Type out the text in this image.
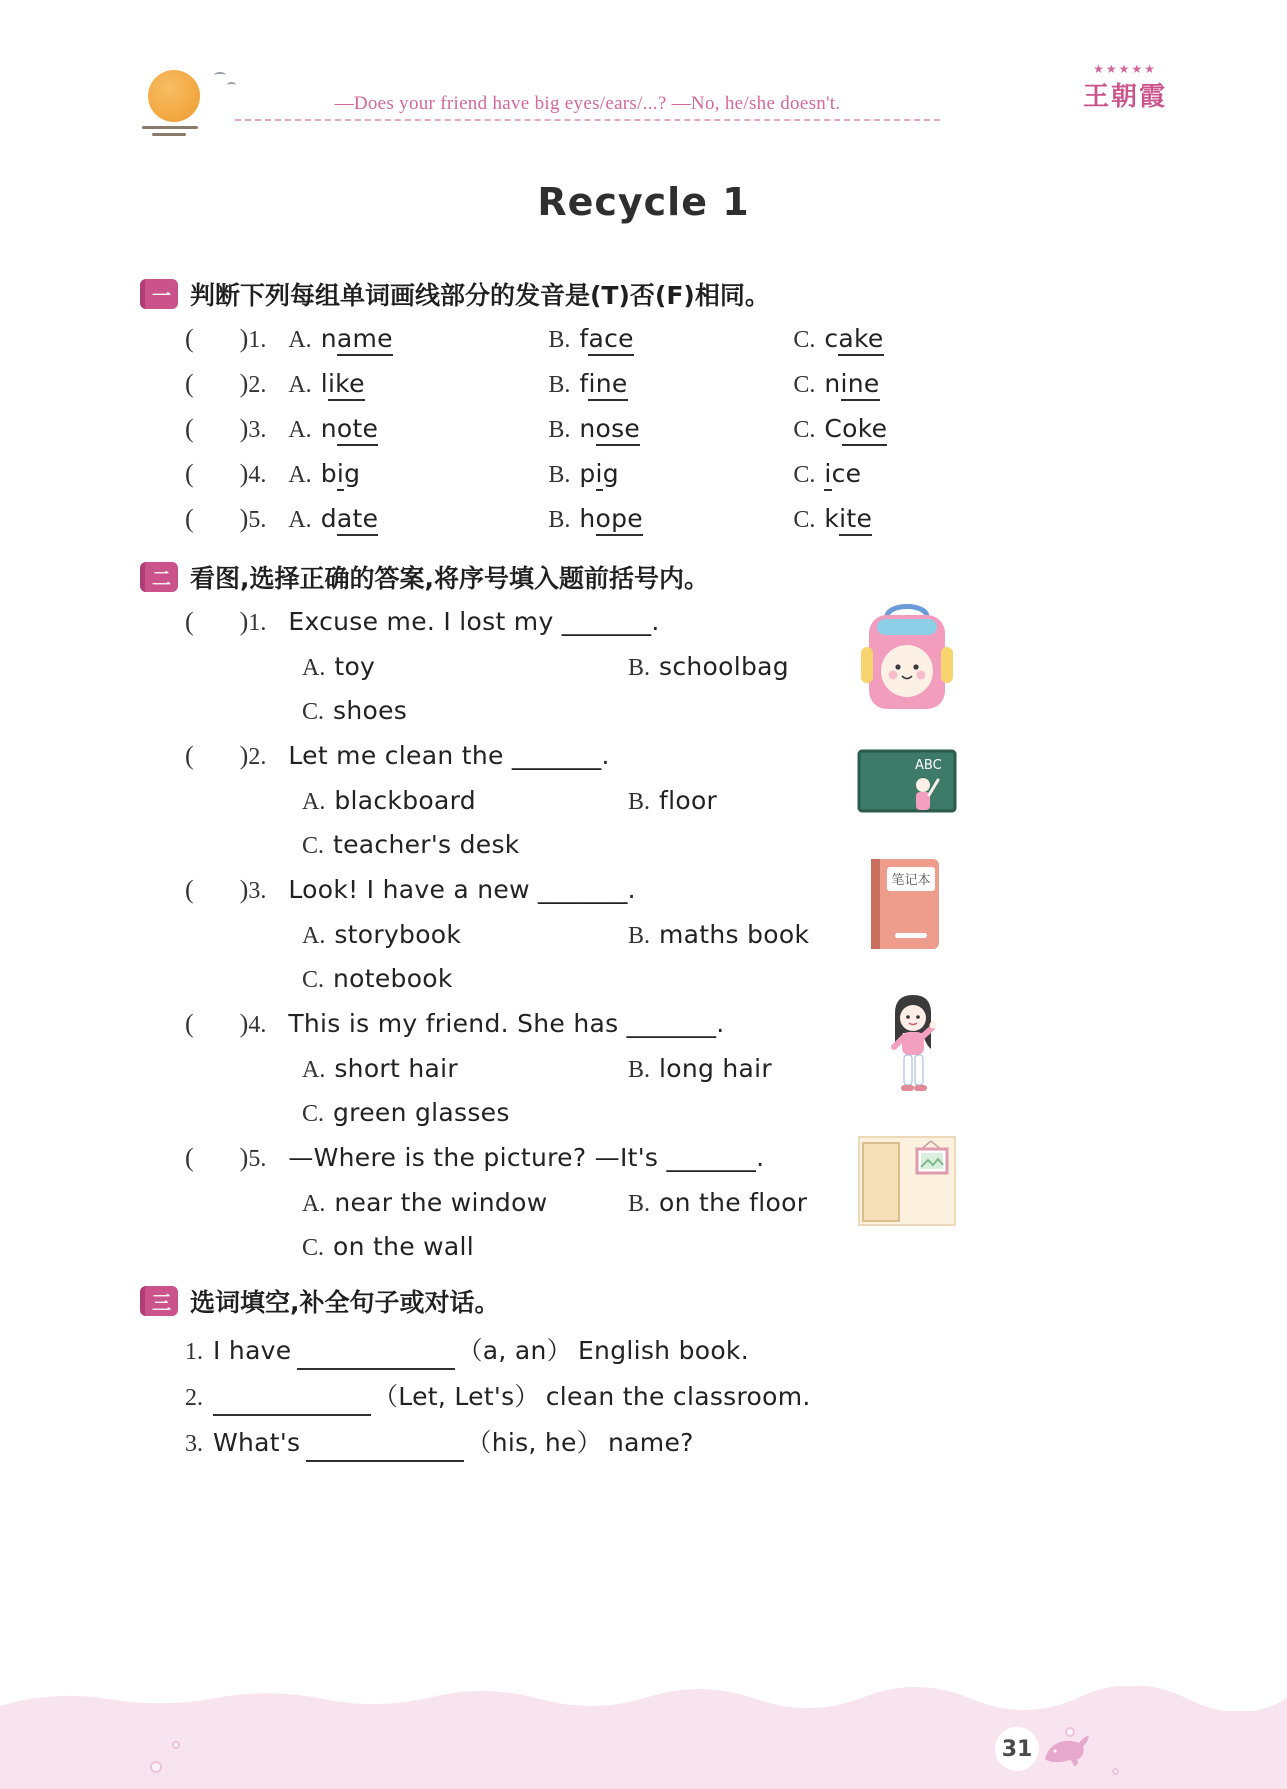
—Does your friend have big eyes/ears/...? —No, he/she doesn't.
★★★★★
王朝霞
Recycle 1
一 判断下列每组单词画线部分的发音是(T)否(F)相同。
( ) 1. A. name	B. face	C. cake
( ) 2. A. like	B. fine	C. nine
( ) 3. A. note	B. nose	C. Coke
( ) 4. A. big	B. pig	C. ice
( ) 5. A. date	B. hope	C. kite
二 看图,选择正确的答案,将序号填入题前括号内。
( ) 1. Excuse me. I lost my _______.
A. toy	B. schoolbag
C. shoes
( ) 2. Let me clean the _______.
A. blackboard	B. floor
C. teacher's desk
ABC
( ) 3. Look! I have a new _______.
A. storybook	B. maths book
C. notebook
笔记本
( ) 4. This is my friend. She has _______.
A. short hair	B. long hair
C. green glasses
( ) 5. —Where is the picture? —It's _______.
A. near the window	B. on the floor
C. on the wall
三 选词填空,补全句子或对话。
1. I have	（a, an） English book.
2.	（Let, Let's） clean the classroom.
3. What's	（his, he） name?
31
